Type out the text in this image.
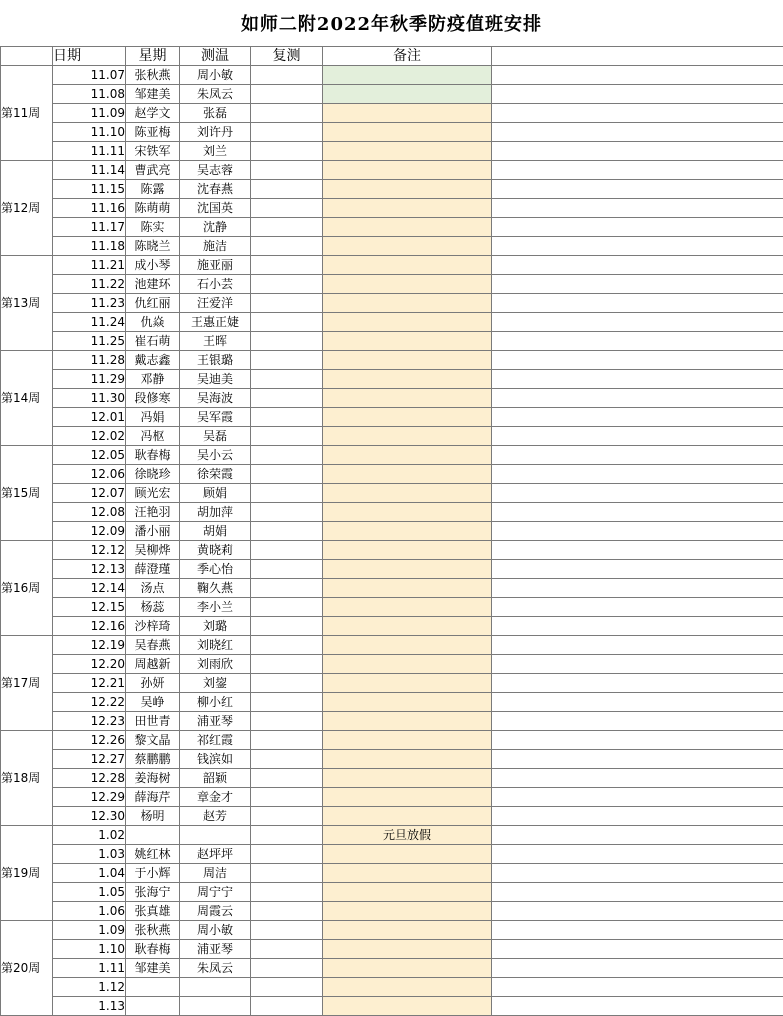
如师二附2022年秋季防疫值班安排
	日期	星期	测温	复测	备注	
第11周	11.07	张秋燕	周小敏			
	11.08	邹建美	朱凤云			
	11.09	赵学文	张磊			
	11.10	陈亚梅	刘许丹			
	11.11	宋铁军	刘兰			
第12周	11.14	曹武亮	吴志蓉			
	11.15	陈露	沈春燕			
	11.16	陈萌萌	沈国英			
	11.17	陈实	沈静			
	11.18	陈晓兰	施洁			
第13周	11.21	成小琴	施亚丽			
	11.22	池建环	石小芸			
	11.23	仇红丽	汪爱洋			
	11.24	仇焱	王惠正婕			
	11.25	崔石萌	王晖			
第14周	11.28	戴志鑫	王银璐			
	11.29	邓静	吴迪美			
	11.30	段修寒	吴海波			
	12.01	冯娟	吴军霞			
	12.02	冯枢	吴磊			
第15周	12.05	耿春梅	吴小云			
	12.06	徐晓珍	徐荣霞			
	12.07	顾光宏	顾娟			
	12.08	汪艳羽	胡加萍			
	12.09	潘小丽	胡娟			
第16周	12.12	吴柳烨	黄晓莉			
	12.13	薛澄瑾	季心怡			
	12.14	汤点	鞠久燕			
	12.15	杨蕊	李小兰			
	12.16	沙梓琦	刘璐			
第17周	12.19	吴春燕	刘晓红			
	12.20	周越新	刘雨欣			
	12.21	孙妍	刘鋆			
	12.22	吴峥	柳小红			
	12.23	田世青	浦亚琴			
第18周	12.26	黎文晶	祁红霞			
	12.27	蔡鹏鹏	钱滨如			
	12.28	姜海树	韶颖			
	12.29	薛海芹	章金才			
	12.30	杨明	赵芳			
第19周	1.02				元旦放假	
	1.03	姚红林	赵坪坪			
	1.04	于小辉	周洁			
	1.05	张海宁	周宁宁			
	1.06	张真雄	周霞云			
第20周	1.09	张秋燕	周小敏			
	1.10	耿春梅	浦亚琴			
	1.11	邹建美	朱凤云			
	1.12					
	1.13					
